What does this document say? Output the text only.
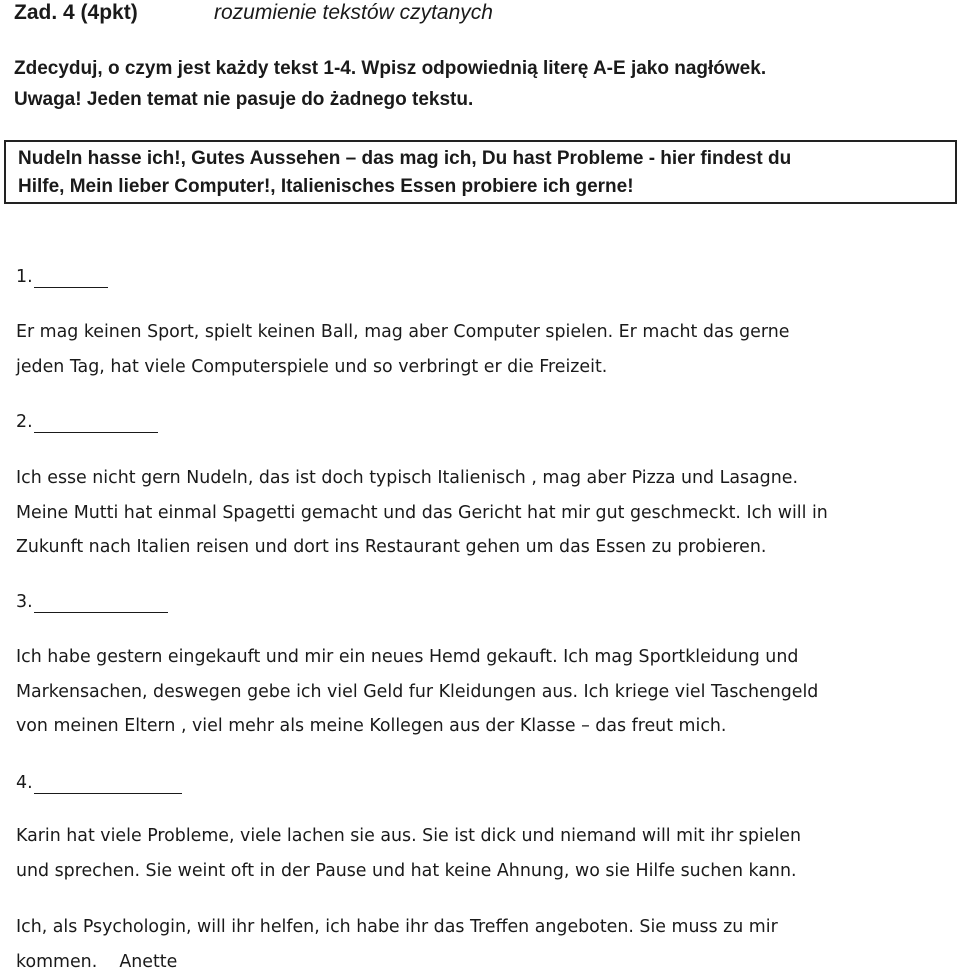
Zad. 4 (4pkt)	rozumienie tekstów czytanych
Zdecyduj, o czym jest każdy tekst 1-4. Wpisz odpowiednią literę A-E jako nagłówek.
Uwaga! Jeden temat nie pasuje do żadnego tekstu.
Nudeln hasse ich!, Gutes Aussehen – das mag ich, Du hast Probleme - hier findest du
Hilfe, Mein lieber Computer!, Italienisches Essen probiere ich gerne!
1.
Er mag keinen Sport, spielt keinen Ball, mag aber Computer spielen. Er macht das gerne
jeden Tag, hat viele Computerspiele und so verbringt er die Freizeit.
2.
Ich esse nicht gern Nudeln, das ist doch typisch Italienisch , mag aber Pizza und Lasagne.
Meine Mutti hat einmal Spagetti gemacht und das Gericht hat mir gut geschmeckt. Ich will in
Zukunft nach Italien reisen und dort ins Restaurant gehen um das Essen zu probieren.
3.
Ich habe gestern eingekauft und mir ein neues Hemd gekauft. Ich mag Sportkleidung und
Markensachen, deswegen gebe ich viel Geld fur Kleidungen aus. Ich kriege viel Taschengeld
von meinen Eltern , viel mehr als meine Kollegen aus der Klasse – das freut mich.
4.
Karin hat viele Probleme, viele lachen sie aus. Sie ist dick und niemand will mit ihr spielen
und sprechen. Sie weint oft in der Pause und hat keine Ahnung, wo sie Hilfe suchen kann.
Ich, als Psychologin, will ihr helfen, ich habe ihr das Treffen angeboten. Sie muss zu mir
kommen.    Anette
